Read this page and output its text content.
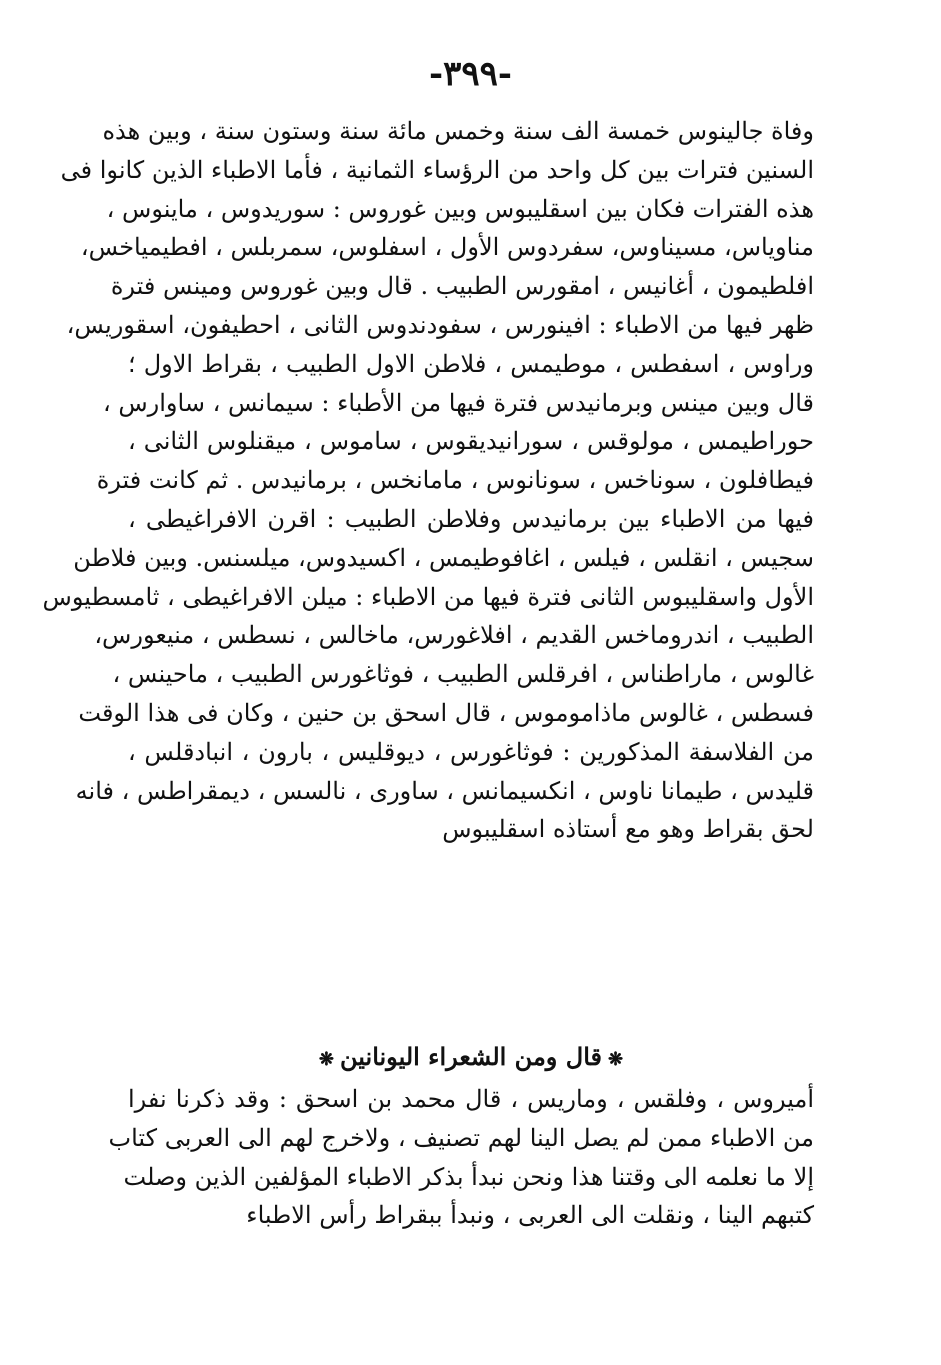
-٣٩٩-
وفاة جالينوس خمسة الف سنة وخمس مائة سنة وستون سنة ، وبين هذه
السنين فترات بين كل واحد من الرؤساء الثمانية ، فأما الاطباء الذين كانوا فى
هذه الفترات فكان بين اسقليبوس وبين غوروس : سوريدوس ، ماينوس ،
مناوياس، مسيناوس، سفردوس الأول ، اسفلوس، سمربلس ، افطيمياخس،
افلطيمون ، أغانيس ، امقورس الطبيب . قال وبين غوروس ومينس فترة
ظهر فيها من الاطباء : افينورس ، سفودندوس الثانى ، احطيفون، اسقوريس،
وراوس ، اسفطس ، موطيمس ، فلاطن الاول الطبيب ، بقراط الاول ؛
قال وبين مينس وبرمانيدس فترة فيها من الأطباء : سيمانس ، ساوارس ،
حوراطيمس ، مولوقس ، سورانيديقوس ، ساموس ، ميقنلوس الثانى ،
فيطافلون ، سوناخس ، سونانوس ، مامانخس ، برمانيدس . ثم كانت فترة
فيها من الاطباء بين برمانيدس وفلاطن الطبيب : اقرن الافراغيطى ،
سجيس ، انقلس ، فيلس ، اغافوطيمس ، اكسيدوس، ميلسنس. وبين فلاطن
الأول واسقليبوس الثانى فترة فيها من الاطباء : ميلن الافراغيطى ، ثامسطيوس
الطبيب ، اندروماخس القديم ، افلاغورس، ماخالس ، نسطس ، منيعورس،
غالوس ، ماراطناس ، افرقلس الطبيب ، فوثاغورس الطبيب ، ماحينس ،
فسطس ، غالوس ماذاموموس ، قال اسحق بن حنين ، وكان فى هذا الوقت
من الفلاسفة المذكورين : فوثاغورس ، ديوقليس ، بارون ، انبادقلس ،
قليدس ، طيمانا ناوس ، انكسيمانس ، ساورى ، نالسس ، ديمقراطس ، فانه
لحق بقراط وهو مع أستاذه اسقليبوس
❋قال ومن الشعراء اليونانين❋
أميروس ، وفلقس ، وماريس ، قال محمد بن اسحق : وقد ذكرنا نفرا
من الاطباء ممن لم يصل الينا لهم تصنيف ، ولاخرج لهم الى العربى كتاب
إلا ما نعلمه الى وقتنا هذا ونحن نبدأ بذكر الاطباء المؤلفين الذين وصلت
كتبهم الينا ، ونقلت الى العربى ، ونبدأ ببقراط رأس الاطباء
